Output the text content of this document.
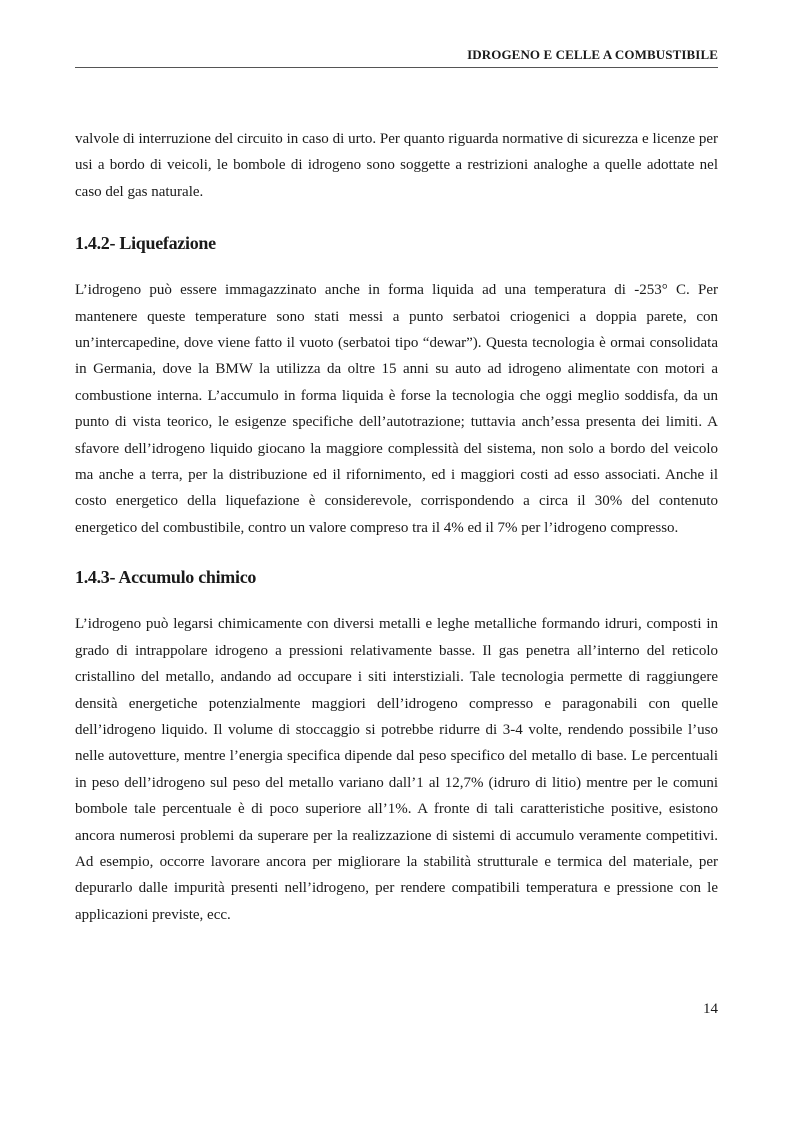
IDROGENO E CELLE A COMBUSTIBILE

valvole di interruzione del circuito in caso di urto. Per quanto riguarda normative di sicurezza e licenze per usi a bordo di veicoli, le bombole di idrogeno sono soggette a restrizioni analoghe a quelle adottate nel caso del gas naturale.

1.4.2- Liquefazione

L’idrogeno può essere immagazzinato anche in forma liquida ad una temperatura di -253° C. Per mantenere queste temperature sono stati messi a punto serbatoi criogenici a doppia parete, con un’intercapedine, dove viene fatto il vuoto (serbatoi tipo “dewar”). Questa tecnologia è ormai consolidata in Germania, dove la BMW la utilizza da oltre 15 anni su auto ad idrogeno alimentate con motori a combustione interna. L’accumulo in forma liquida è forse la tecnologia che oggi meglio soddisfa, da un punto di vista teorico, le esigenze specifiche dell’autotrazione; tuttavia anch’essa presenta dei limiti. A sfavore dell’idrogeno liquido giocano la maggiore complessità del sistema, non solo a bordo del veicolo ma anche a terra, per la distribuzione ed il rifornimento, ed i maggiori costi ad esso associati. Anche il costo energetico della liquefazione è considerevole, corrispondendo a circa il 30% del contenuto energetico del combustibile, contro un valore compreso tra il 4% ed il 7% per l’idrogeno compresso.

1.4.3- Accumulo chimico

L’idrogeno può legarsi chimicamente con diversi metalli e leghe metalliche formando idruri, composti in grado di intrappolare idrogeno a pressioni relativamente basse. Il gas penetra all’interno del reticolo cristallino del metallo, andando ad occupare i siti interstiziali. Tale tecnologia permette di raggiungere densità energetiche potenzialmente maggiori dell’idrogeno compresso e paragonabili con quelle dell’idrogeno liquido. Il volume di stoccaggio si potrebbe ridurre di 3-4 volte, rendendo possibile l’uso nelle autovetture, mentre l’energia specifica dipende dal peso specifico del metallo di base. Le percentuali in peso dell’idrogeno sul peso del metallo variano dall’1 al 12,7% (idruro di litio) mentre per le comuni bombole tale percentuale è di poco superiore all’1%. A fronte di tali caratteristiche positive, esistono ancora numerosi problemi da superare per la realizzazione di sistemi di accumulo veramente competitivi. Ad esempio, occorre lavorare ancora per migliorare la stabilità strutturale e termica del materiale, per depurarlo dalle impurità presenti nell’idrogeno, per rendere compatibili temperatura e pressione con le applicazioni previste, ecc.

14
